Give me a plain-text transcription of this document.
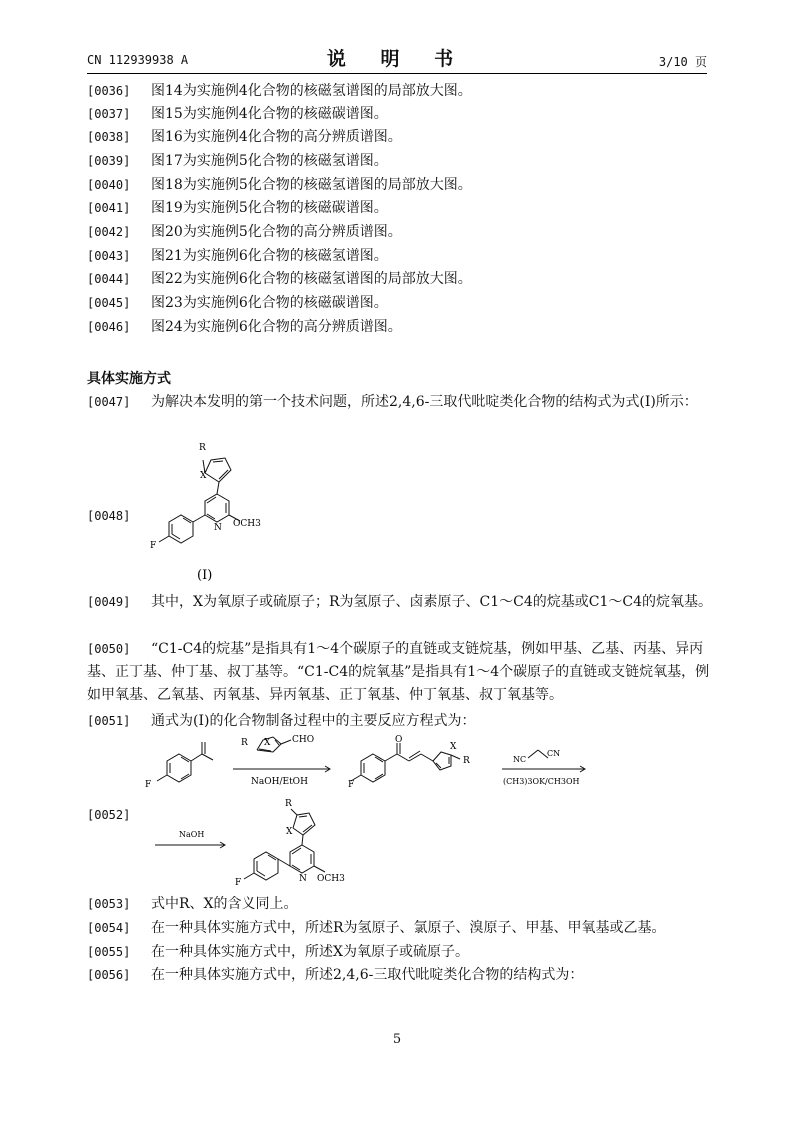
CN 112939938 A	说 明 书	3/10 页
[0036]	图14为实施例4化合物的核磁氢谱图的局部放大图。
[0037]	图15为实施例4化合物的核磁碳谱图。
[0038]	图16为实施例4化合物的高分辨质谱图。
[0039]	图17为实施例5化合物的核磁氢谱图。
[0040]	图18为实施例5化合物的核磁氢谱图的局部放大图。
[0041]	图19为实施例5化合物的核磁碳谱图。
[0042]	图20为实施例5化合物的高分辨质谱图。
[0043]	图21为实施例6化合物的核磁氢谱图。
[0044]	图22为实施例6化合物的核磁氢谱图的局部放大图。
[0045]	图23为实施例6化合物的核磁碳谱图。
[0046]	图24为实施例6化合物的高分辨质谱图。
具体实施方式
[0047]	为解决本发明的第一个技术问题，所述2,4,6-三取代吡啶类化合物的结构式为式(I)所示：
[0048]
R
X
N OCH3
F
(I)
[0049]	其中，X为氧原子或硫原子；R为氢原子、卤素原子、C1～C4的烷基或C1～C4的烷氧基。
[0050]	“C1-C4的烷基”是指具有1～4个碳原子的直链或支链烷基，例如甲基、乙基、丙基、异丙基、正丁基、仲丁基、叔丁基等。“C1-C4的烷氧基”是指具有1～4个碳原子的直链或支链烷氧基，例如甲氧基、乙氧基、丙氧基、异丙氧基、正丁氧基、仲丁氧基、叔丁氧基等。
[0051]	通式为(I)的化合物制备过程中的主要反应方程式为：
F
R X CHO
NaOH/EtOH
O
X
R
F
NC
CN
(CH3)3OK/CH3OH
[0052]
NaOH
R
X
N OCH3
F
[0053]	式中R、X的含义同上。
[0054]	在一种具体实施方式中，所述R为氢原子、氯原子、溴原子、甲基、甲氧基或乙基。
[0055]	在一种具体实施方式中，所述X为氧原子或硫原子。
[0056]	在一种具体实施方式中，所述2,4,6-三取代吡啶类化合物的结构式为：
5
